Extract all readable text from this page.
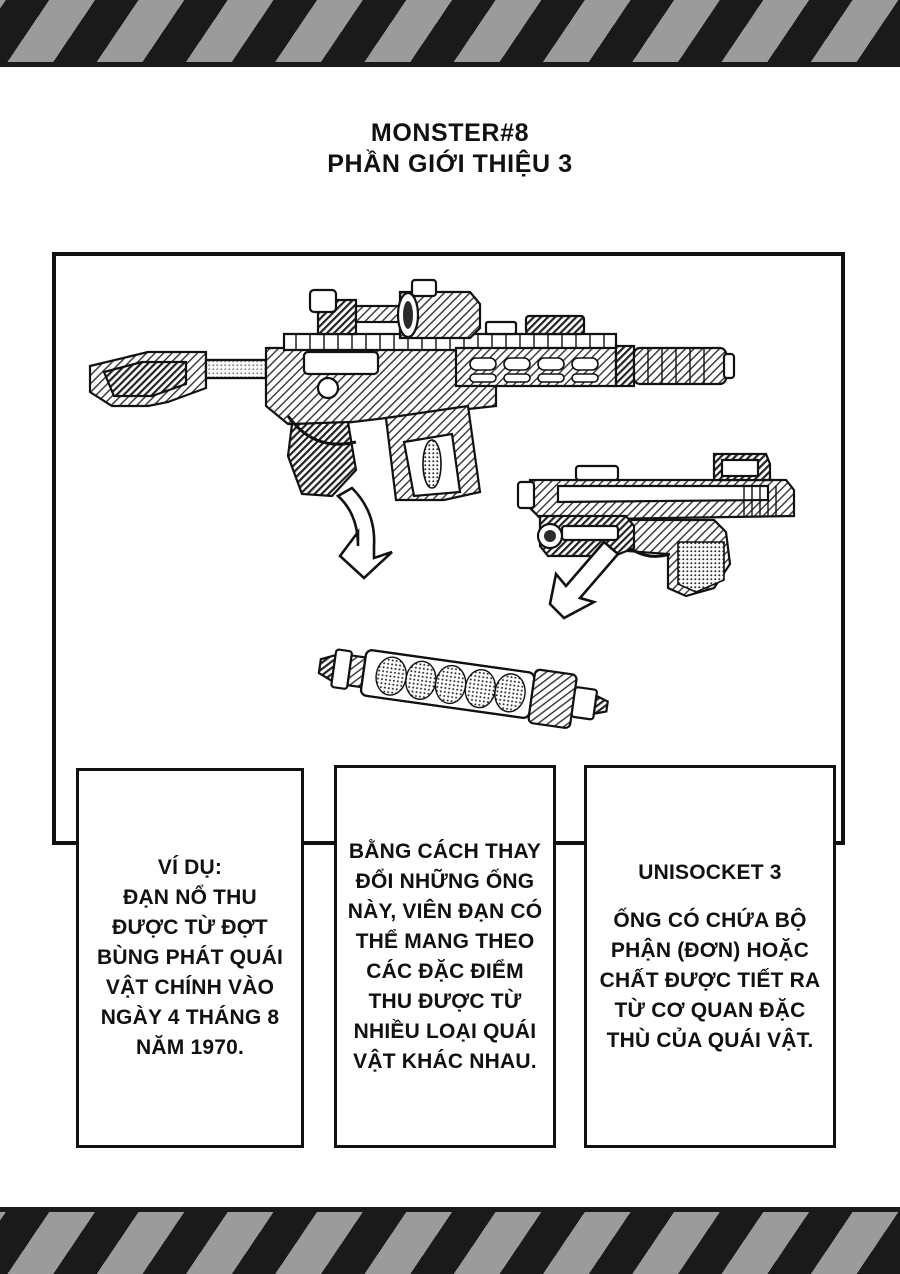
MONSTER#8
PHẦN GIỚI THIỆU 3

VÍ DỤ:

ĐẠN NỔ THU ĐƯỢC TỪ ĐỢT BÙNG PHÁT QUÁI VẬT CHÍNH VÀO NGÀY 4 THÁNG 8 NĂM 1970.

BẰNG CÁCH THAY ĐỔI NHỮNG ỐNG NÀY, VIÊN ĐẠN CÓ THỂ MANG THEO CÁC ĐẶC ĐIỂM THU ĐƯỢC TỪ NHIỀU LOẠI QUÁI VẬT KHÁC NHAU.

UNISOCKET 3

ỐNG CÓ CHỨA BỘ PHẬN (ĐƠN) HOẶC CHẤT ĐƯỢC TIẾT RA TỪ CƠ QUAN ĐẶC THÙ CỦA QUÁI VẬT.
